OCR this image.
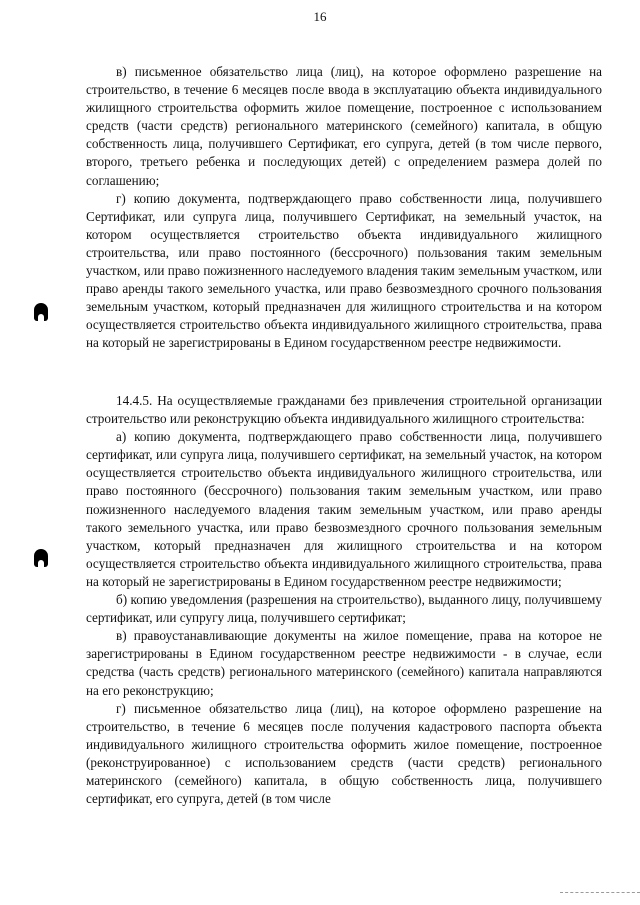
16

в) письменное обязательство лица (лиц), на которое оформлено разрешение на строительство, в течение 6 месяцев после ввода в эксплуатацию объекта индивидуального жилищного строительства оформить жилое помещение, построенное с использованием средств (части средств) регионального материнского (семейного) капитала, в общую собственность лица, получившего Сертификат, его супруга, детей (в том числе первого, второго, третьего ребенка и последующих детей) с определением размера долей по соглашению;

г) копию документа, подтверждающего право собственности лица, получившего Сертификат, или супруга лица, получившего Сертификат, на земельный участок, на котором осуществляется строительство объекта индивидуального жилищного строительства, или право постоянного (бессрочного) пользования таким земельным участком, или право пожизненного наследуемого владения таким земельным участком, или право аренды такого земельного участка, или право безвозмездного срочного пользования земельным участком, который предназначен для жилищного строительства и на котором осуществляется строительство объекта индивидуального жилищного строительства, права на который не зарегистрированы в Едином государственном реестре недвижимости.

14.4.5. На осуществляемые гражданами без привлечения строительной организации строительство или реконструкцию объекта индивидуального жилищного строительства:

а) копию документа, подтверждающего право собственности лица, получившего сертификат, или супруга лица, получившего сертификат, на земельный участок, на котором осуществляется строительство объекта индивидуального жилищного строительства, или право постоянного (бессрочного) пользования таким земельным участком, или право пожизненного наследуемого владения таким земельным участком, или право аренды такого земельного участка, или право безвозмездного срочного пользования земельным участком, который предназначен для жилищного строительства и на котором осуществляется строительство объекта индивидуального жилищного строительства, права на который не зарегистрированы в Едином государственном реестре недвижимости;

б) копию уведомления (разрешения на строительство), выданного лицу, получившему сертификат, или супругу лица, получившего сертификат;

в) правоустанавливающие документы на жилое помещение, права на которое не зарегистрированы в Едином государственном реестре недвижимости - в случае, если средства (часть средств) регионального материнского (семейного) капитала направляются на его реконструкцию;

г) письменное обязательство лица (лиц), на которое оформлено разрешение на строительство, в течение 6 месяцев после получения кадастрового паспорта объекта индивидуального жилищного строительства оформить жилое помещение, построенное (реконструированное) с использованием средств (части средств) регионального материнского (семейного) капитала, в общую собственность лица, получившего сертификат, его супруга, детей (в том числе
